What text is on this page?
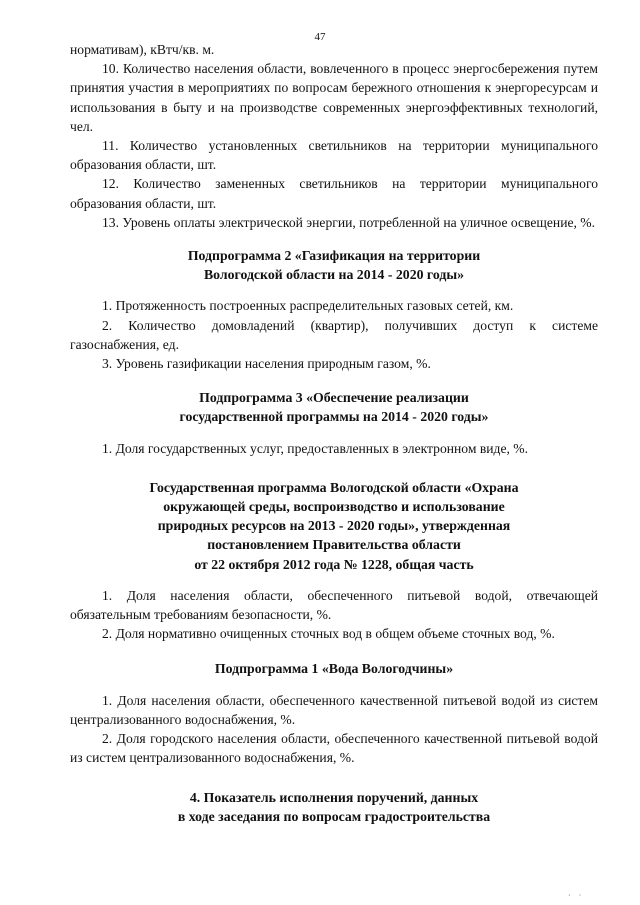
47

нормативам), кВтч/кв. м.

10. Количество населения области, вовлеченного в процесс энергосбережения путем принятия участия в мероприятиях по вопросам бережного отношения к энергоресурсам и использования в быту и на производстве современных энергоэффективных технологий, чел.

11. Количество установленных светильников на территории муниципального образования области, шт.

12. Количество замененных светильников на территории муниципального образования области, шт.

13. Уровень оплаты электрической энергии, потребленной на уличное освещение, %.

Подпрограмма 2 «Газификация на территории

Вологодской области на 2014 - 2020 годы»

1. Протяженность построенных распределительных газовых сетей, км.

2. Количество домовладений (квартир), получивших доступ к системе газоснабжения, ед.

3. Уровень газификации населения природным газом, %.

Подпрограмма 3 «Обеспечение реализации

государственной программы на 2014 - 2020 годы»

1. Доля государственных услуг, предоставленных в электронном виде, %.

Государственная программа Вологодской области «Охрана

окружающей среды, воспроизводство и использование

природных ресурсов на 2013 - 2020 годы», утвержденная

постановлением Правительства области

от 22 октября 2012 года № 1228, общая часть

1. Доля населения области, обеспеченного питьевой водой, отвечающей обязательным требованиям безопасности, %.

2. Доля нормативно очищенных сточных вод в общем объеме сточных вод, %.

Подпрограмма 1 «Вода Вологодчины»

1. Доля населения области, обеспеченного качественной питьевой водой из систем централизованного водоснабжения, %.

2. Доля городского населения области, обеспеченного качественной питьевой водой из систем централизованного водоснабжения, %.

4. Показатель исполнения поручений, данных

в ходе заседания по вопросам градостроительства

· ·
